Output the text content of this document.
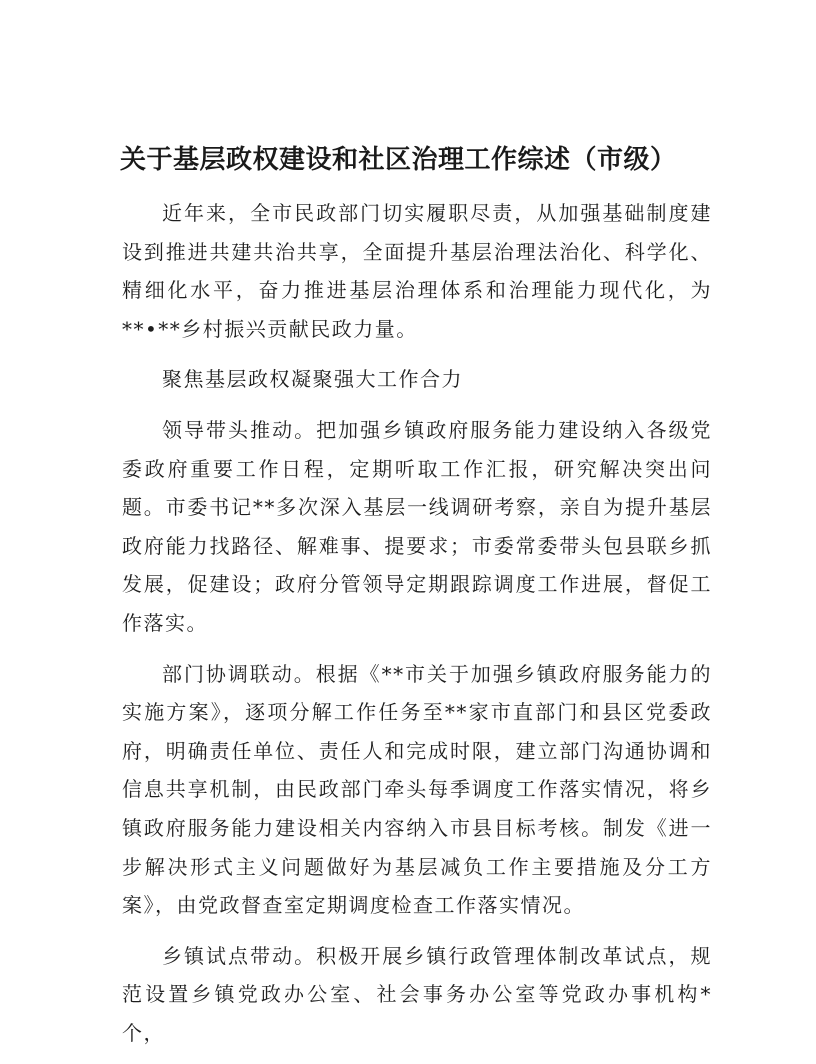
关于基层政权建设和社区治理工作综述（市级）

近年来，全市民政部门切实履职尽责，从加强基础制度建设到推进共建共治共享，全面提升基层治理法治化、科学化、精细化水平，奋力推进基层治理体系和治理能力现代化，为**•**乡村振兴贡献民政力量。

聚焦基层政权凝聚强大工作合力

领导带头推动。把加强乡镇政府服务能力建设纳入各级党委政府重要工作日程，定期听取工作汇报，研究解决突出问题。市委书记**多次深入基层一线调研考察，亲自为提升基层政府能力找路径、解难事、提要求；市委常委带头包县联乡抓发展，促建设；政府分管领导定期跟踪调度工作进展，督促工作落实。

部门协调联动。根据《**市关于加强乡镇政府服务能力的实施方案》，逐项分解工作任务至**家市直部门和县区党委政府，明确责任单位、责任人和完成时限，建立部门沟通协调和信息共享机制，由民政部门牵头每季调度工作落实情况，将乡镇政府服务能力建设相关内容纳入市县目标考核。制发《进一步解决形式主义问题做好为基层减负工作主要措施及分工方案》，由党政督查室定期调度检查工作落实情况。

乡镇试点带动。积极开展乡镇行政管理体制改革试点，规范设置乡镇党政办公室、社会事务办公室等党政办事机构*个，
